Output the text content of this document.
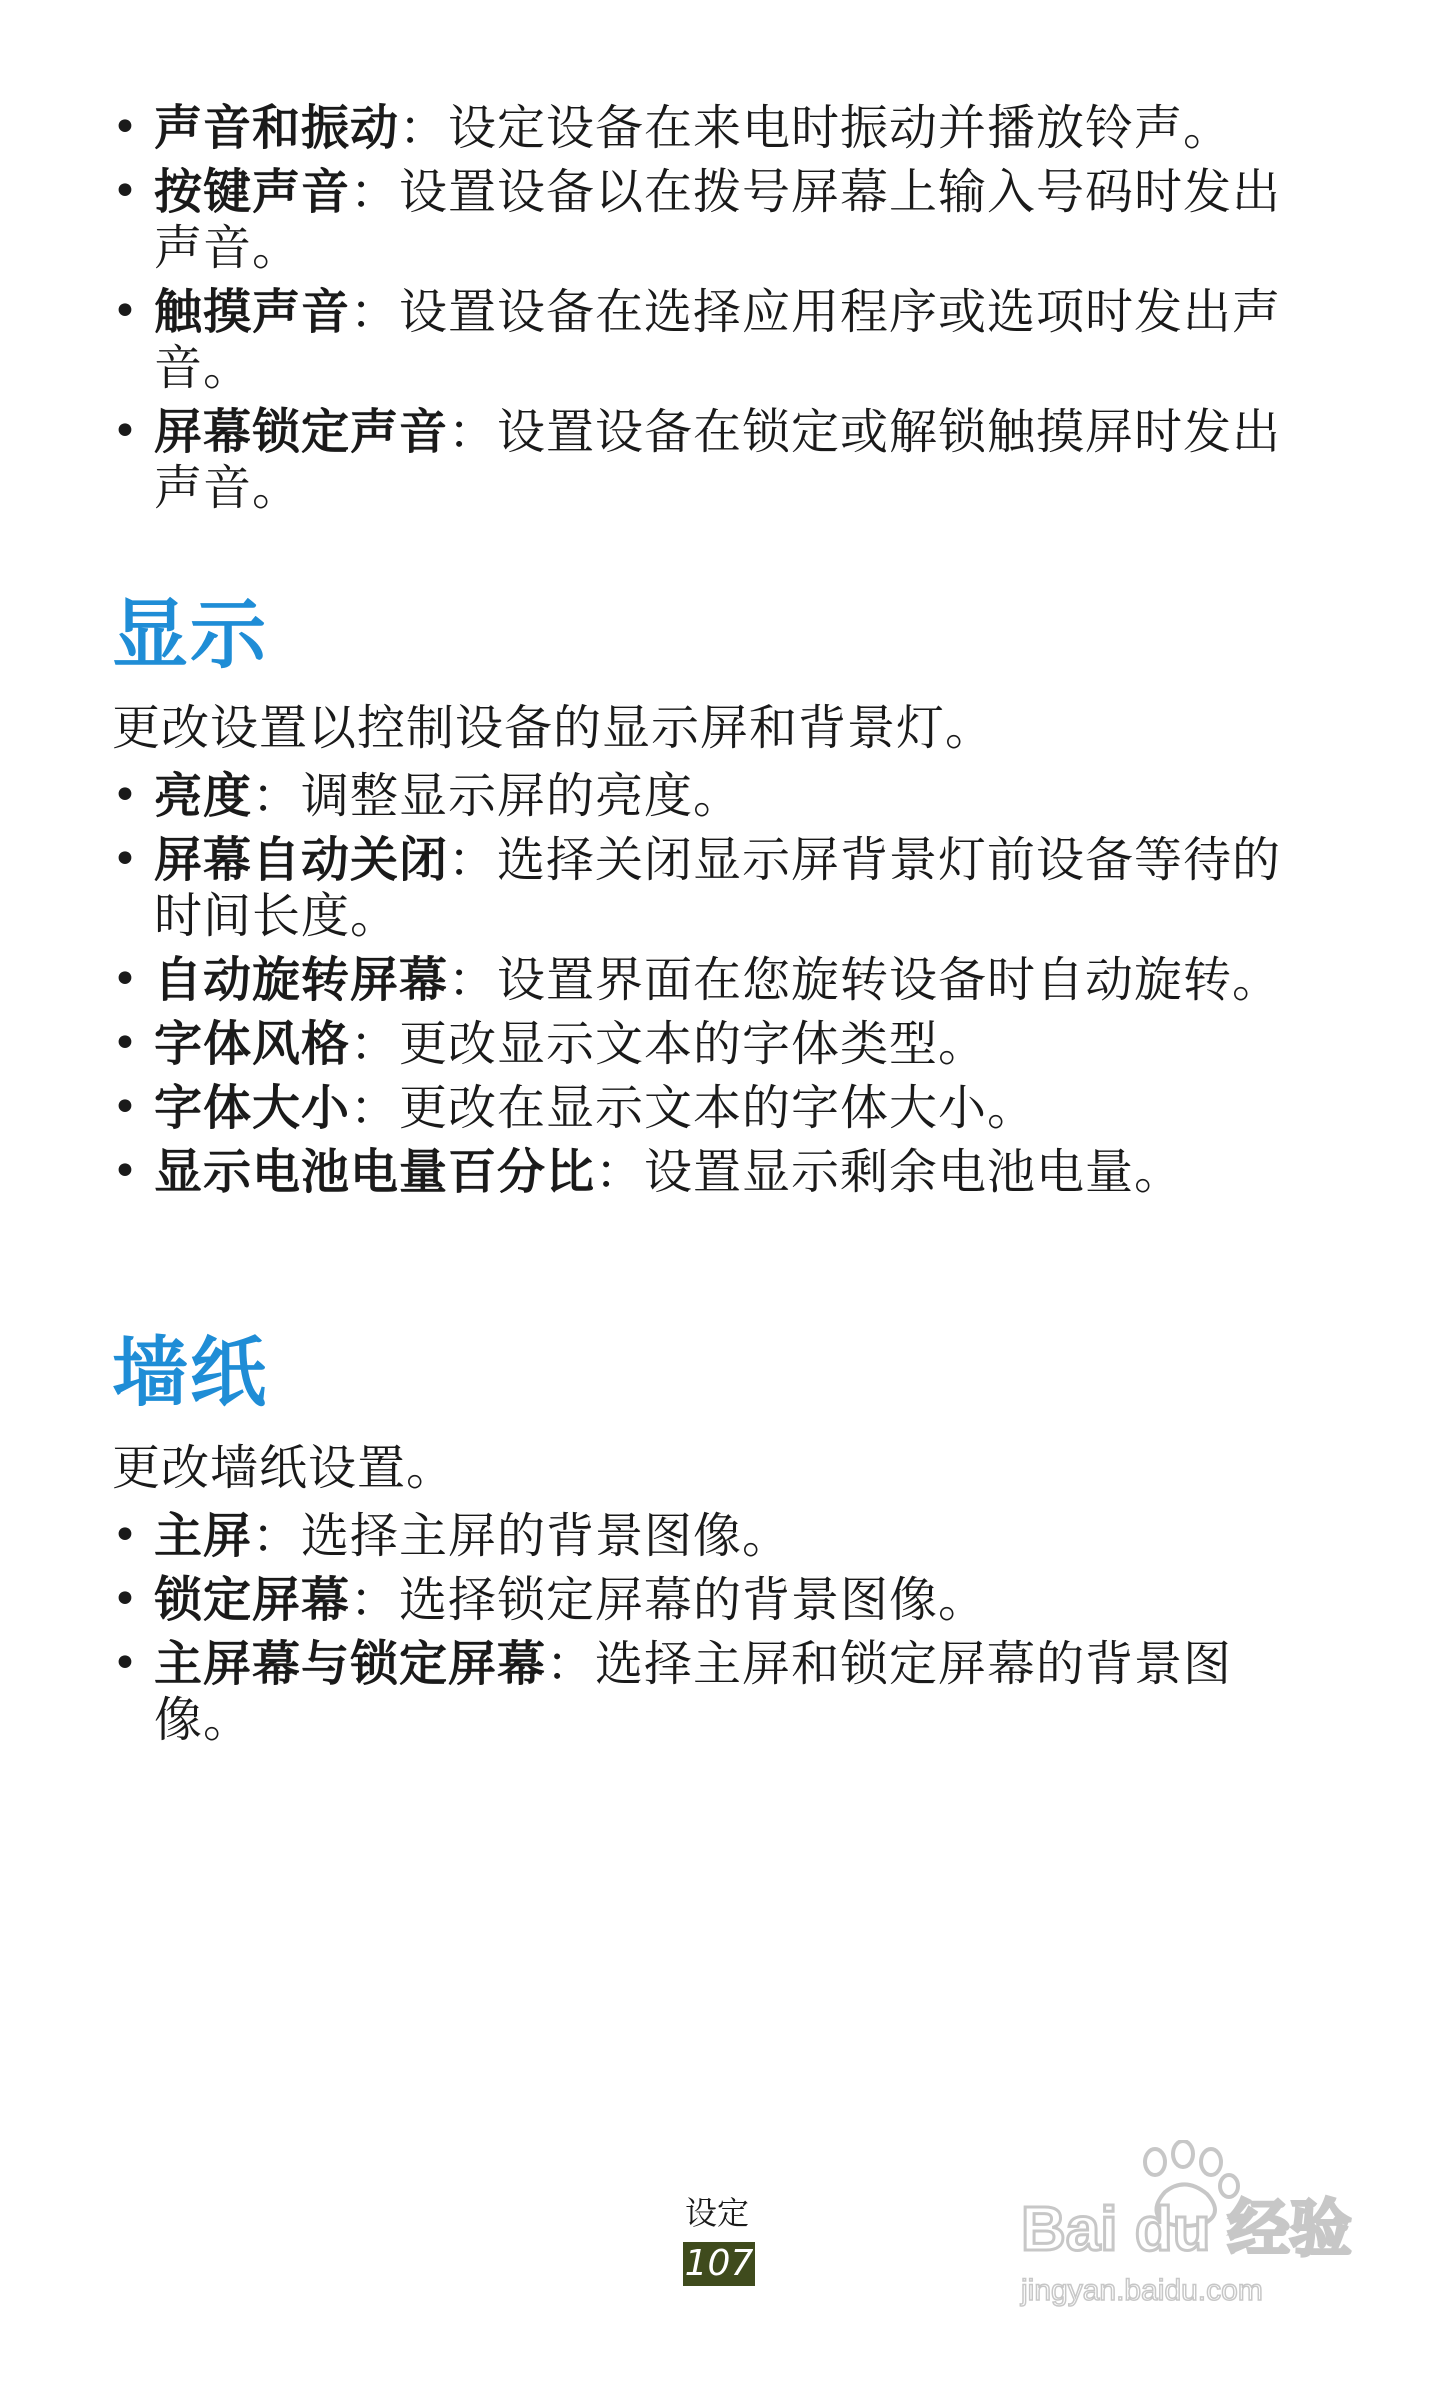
• 声音和振动：设定设备在来电时振动并播放铃声。
• 按键声音：设置设备以在拨号屏幕上输入号码时发出声音。
• 触摸声音：设置设备在选择应用程序或选项时发出声音。
• 屏幕锁定声音：设置设备在锁定或解锁触摸屏时发出声音。
显示

更改设置以控制设备的显示屏和背景灯。

• 亮度：调整显示屏的亮度。
• 屏幕自动关闭：选择关闭显示屏背景灯前设备等待的时间长度。
• 自动旋转屏幕：设置界面在您旋转设备时自动旋转。
• 字体风格：更改显示文本的字体类型。
• 字体大小：更改在显示文本的字体大小。
• 显示电池电量百分比：设置显示剩余电池电量。
墙纸

更改墙纸设置。

• 主屏：选择主屏的背景图像。
• 锁定屏幕：选择锁定屏幕的背景图像。
• 主屏幕与锁定屏幕：选择主屏和锁定屏幕的背景图像。
设定
107	Bai du 经验
jingyan.baidu.com
